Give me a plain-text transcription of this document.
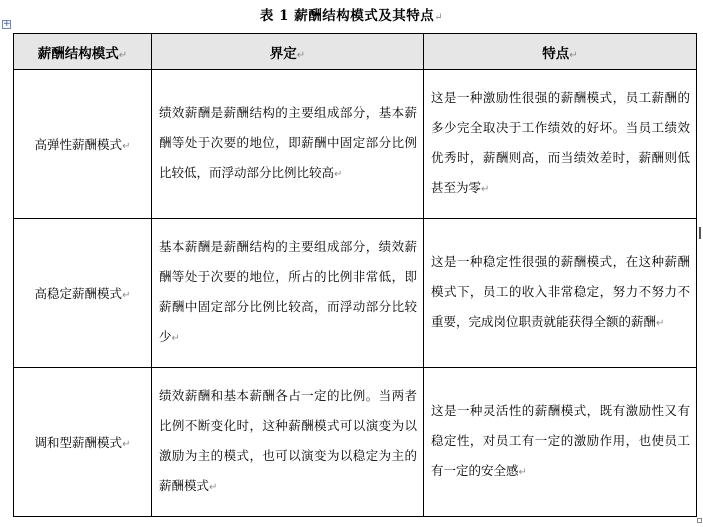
表 1 薪酬结构模式及其特点↵
+
薪酬结构模式↵	界定↵	特点↵
高弹性薪酬模式↵	绩效薪酬是薪酬结构的主要组成部分，基本薪酬等处于次要的地位，即薪酬中固定部分比例比较低，而浮动部分比例比较高↵	这是一种激励性很强的薪酬模式，员工薪酬的多少完全取决于工作绩效的好坏。当员工绩效优秀时，薪酬则高，而当绩效差时，薪酬则低甚至为零↵
高稳定薪酬模式↵	基本薪酬是薪酬结构的主要组成部分，绩效薪酬等处于次要的地位，所占的比例非常低，即薪酬中固定部分比例比较高，而浮动部分比较少↵	这是一种稳定性很强的薪酬模式，在这种薪酬模式下，员工的收入非常稳定，努力不努力不重要，完成岗位职责就能获得全额的薪酬↵
调和型薪酬模式↵	绩效薪酬和基本薪酬各占一定的比例。当两者比例不断变化时，这种薪酬模式可以演变为以激励为主的模式，也可以演变为以稳定为主的薪酬模式↵	这是一种灵活性的薪酬模式，既有激励性又有稳定性，对员工有一定的激励作用，也使员工有一定的安全感↵
